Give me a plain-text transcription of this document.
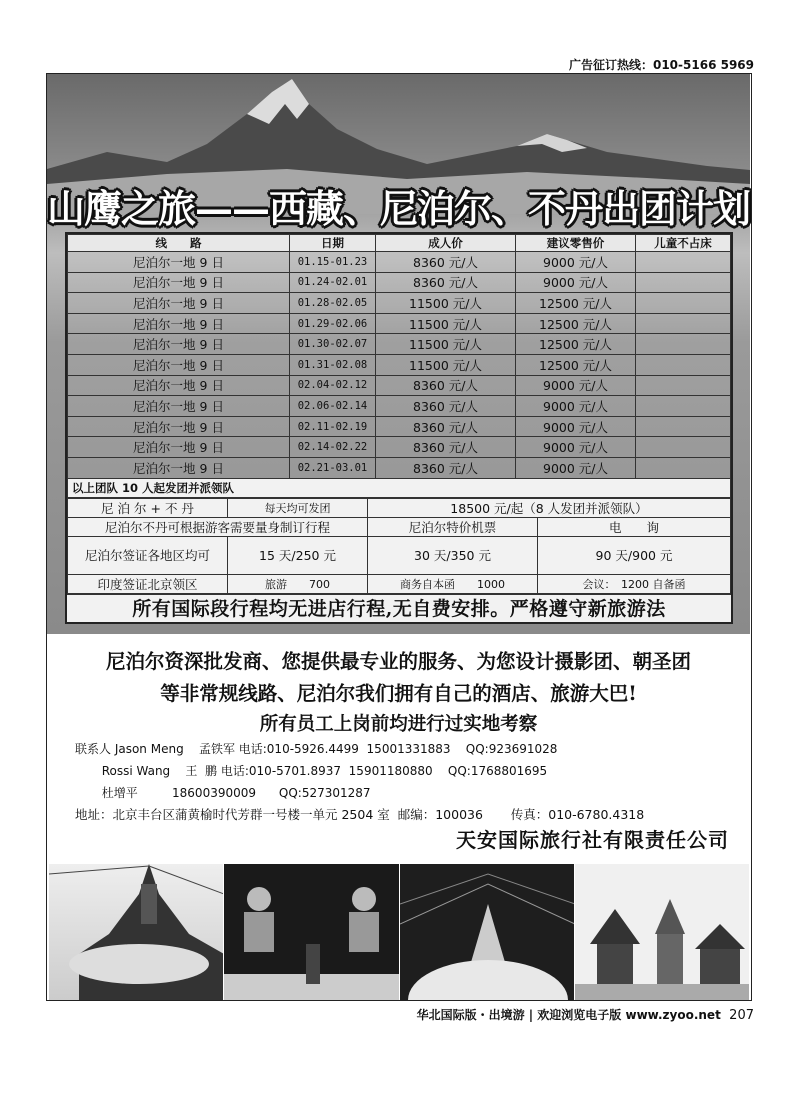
广告征订热线：010-5166 5969
山鹰之旅——西藏、尼泊尔、不丹出团计划
线　　路	日期	成人价	建议零售价	儿童不占床
尼泊尔一地 9 日	01.15-01.23	8360 元/人	9000 元/人	
尼泊尔一地 9 日	01.24-02.01	8360 元/人	9000 元/人	
尼泊尔一地 9 日	01.28-02.05	11500 元/人	12500 元/人	
尼泊尔一地 9 日	01.29-02.06	11500 元/人	12500 元/人	
尼泊尔一地 9 日	01.30-02.07	11500 元/人	12500 元/人	
尼泊尔一地 9 日	01.31-02.08	11500 元/人	12500 元/人	
尼泊尔一地 9 日	02.04-02.12	8360 元/人	9000 元/人	
尼泊尔一地 9 日	02.06-02.14	8360 元/人	9000 元/人	
尼泊尔一地 9 日	02.11-02.19	8360 元/人	9000 元/人	
尼泊尔一地 9 日	02.14-02.22	8360 元/人	9000 元/人	
尼泊尔一地 9 日	02.21-03.01	8360 元/人	9000 元/人	
以上团队 10 人起发团并派领队				
尼 泊 尔 + 不 丹	每天均可发团	18500 元/起（8 人发团并派领队）	
尼泊尔不丹可根据游客需要量身制订行程		尼泊尔特价机票	电　　询
尼泊尔签证各地区均可	15 天/250 元	30 天/350 元	90 天/900 元
印度签证北京领区	旅游　　700	商务自本函　　1000	会议：　1200 自备函
所有国际段行程均无进店行程,无自费安排。严格遵守新旅游法
尼泊尔资深批发商、您提供最专业的服务、为您设计摄影团、朝圣团
等非常规线路、尼泊尔我们拥有自己的酒店、旅游大巴!
所有员工上岗前均进行过实地考察
联系人 Jason Meng    孟铁军 电话:010-5926.4499  15001331883    QQ:923691028
Rossi Wang    王  鹏 电话:010-5701.8937  15901180880    QQ:1768801695
杜增平         18600390009      QQ:527301287
地址：北京丰台区蒲黄榆时代芳群一号楼一单元 2504 室  邮编：100036       传真：010-6780.4318
天安国际旅行社有限责任公司
华北国际版・出境游 | 欢迎浏览电子版 www.zyoo.net 207
